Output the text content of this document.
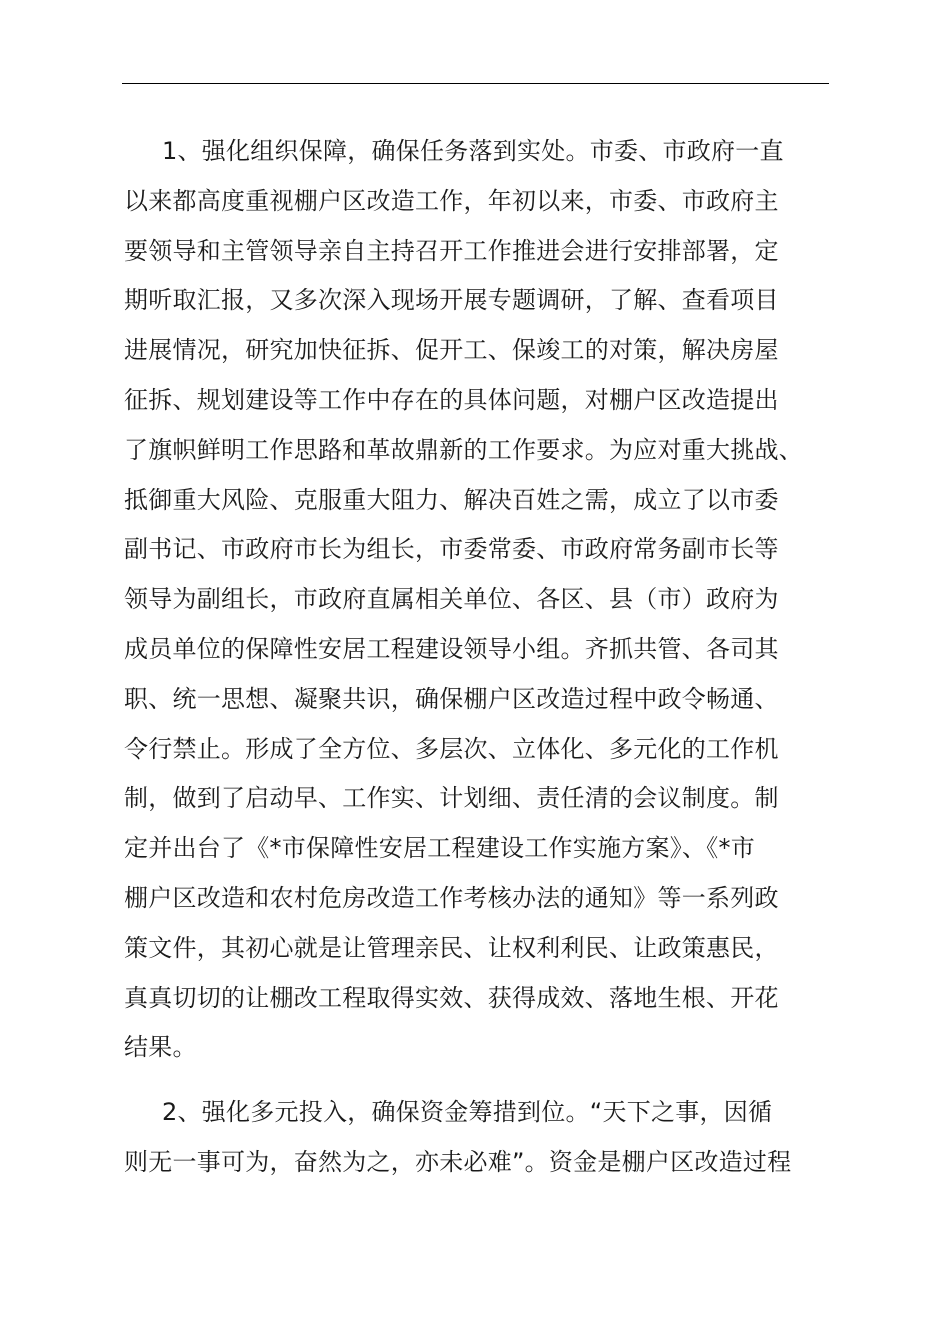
1、强化组织保障，确保任务落到实处。市委、市政府一直
以来都高度重视棚户区改造工作，年初以来，市委、市政府主
要领导和主管领导亲自主持召开工作推进会进行安排部署，定
期听取汇报，又多次深入现场开展专题调研，了解、查看项目
进展情况，研究加快征拆、促开工、保竣工的对策，解决房屋
征拆、规划建设等工作中存在的具体问题，对棚户区改造提出
了旗帜鲜明工作思路和革故鼎新的工作要求。为应对重大挑战、
抵御重大风险、克服重大阻力、解决百姓之需，成立了以市委
副书记、市政府市长为组长，市委常委、市政府常务副市长等
领导为副组长，市政府直属相关单位、各区、县（市）政府为
成员单位的保障性安居工程建设领导小组。齐抓共管、各司其
职、统一思想、凝聚共识，确保棚户区改造过程中政令畅通、
令行禁止。形成了全方位、多层次、立体化、多元化的工作机
制，做到了启动早、工作实、计划细、责任清的会议制度。制
定并出台了《*市保障性安居工程建设工作实施方案》、《*市
棚户区改造和农村危房改造工作考核办法的通知》等一系列政
策文件，其初心就是让管理亲民、让权利利民、让政策惠民，
真真切切的让棚改工程取得实效、获得成效、落地生根、开花
结果。
2、强化多元投入，确保资金筹措到位。“天下之事，因循
则无一事可为，奋然为之，亦未必难”。资金是棚户区改造过程
